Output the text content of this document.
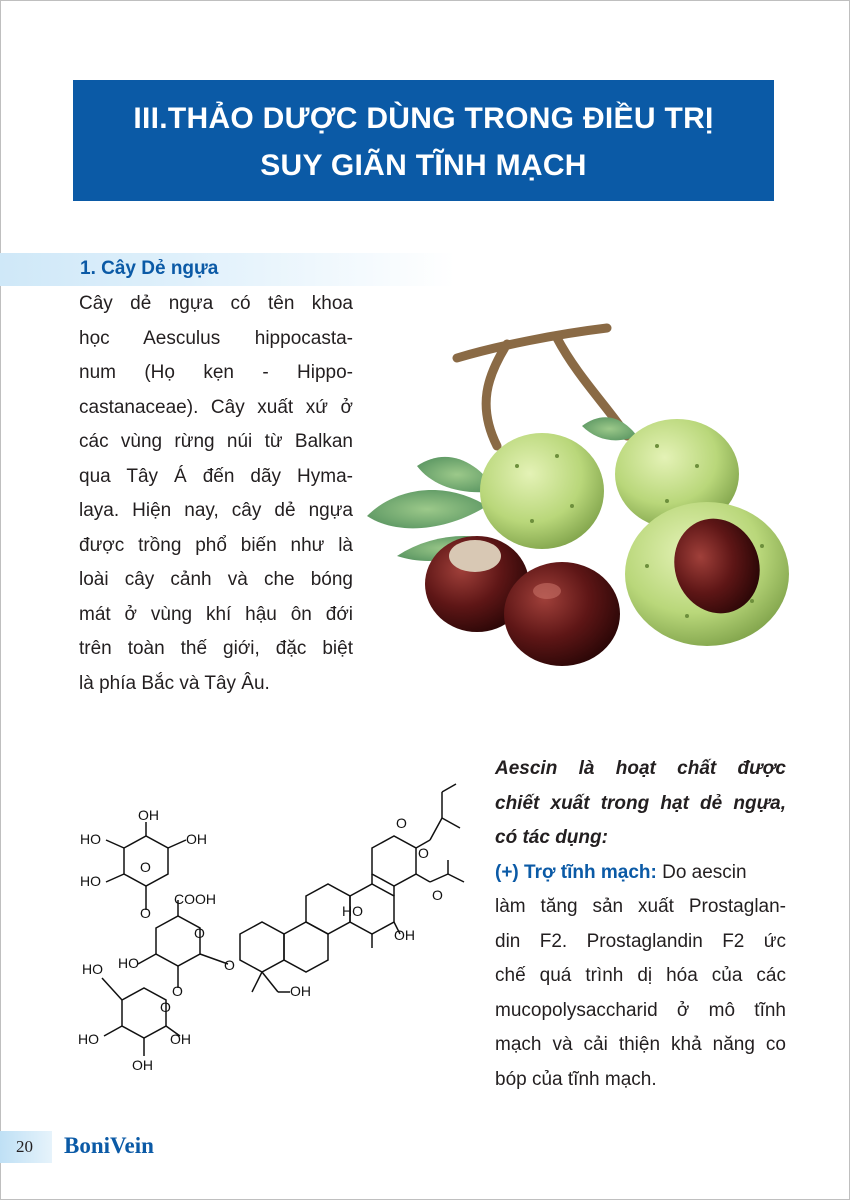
III.THẢO DƯỢC DÙNG TRONG ĐIỀU TRỊ
SUY GIÃN TĨNH MẠCH
1. Cây Dẻ ngựa

Cây dẻ ngựa có tên khoa

học Aesculus hippocasta-

num (Họ kẹn - Hippo-

castanaceae). Cây xuất xứ ở

các vùng rừng núi từ Balkan

qua Tây Á đến dãy Hyma-

laya. Hiện nay, cây dẻ ngựa

được trồng phổ biến như là

loài cây cảnh và che bóng

mát ở vùng khí hậu ôn đới

trên toàn thế giới, đặc biệt

là phía Bắc và Tây Âu.

OH
HO	OH
HO
COOH
HO
HO
HO	OH
OH
OH
HO
OH
O
O
O
O
O
O
O
O
O

Aescin là hoạt chất được

chiết xuất trong hạt dẻ ngựa,

có tác dụng:

(+) Trợ tĩnh mạch: Do aescin

làm tăng sản xuất Prostaglan-

din F2. Prostaglandin F2 ức

chế quá trình dị hóa của các

mucopolysaccharid ở mô tĩnh

mạch và cải thiện khả năng co

bóp của tĩnh mạch.

20 BoniVein
